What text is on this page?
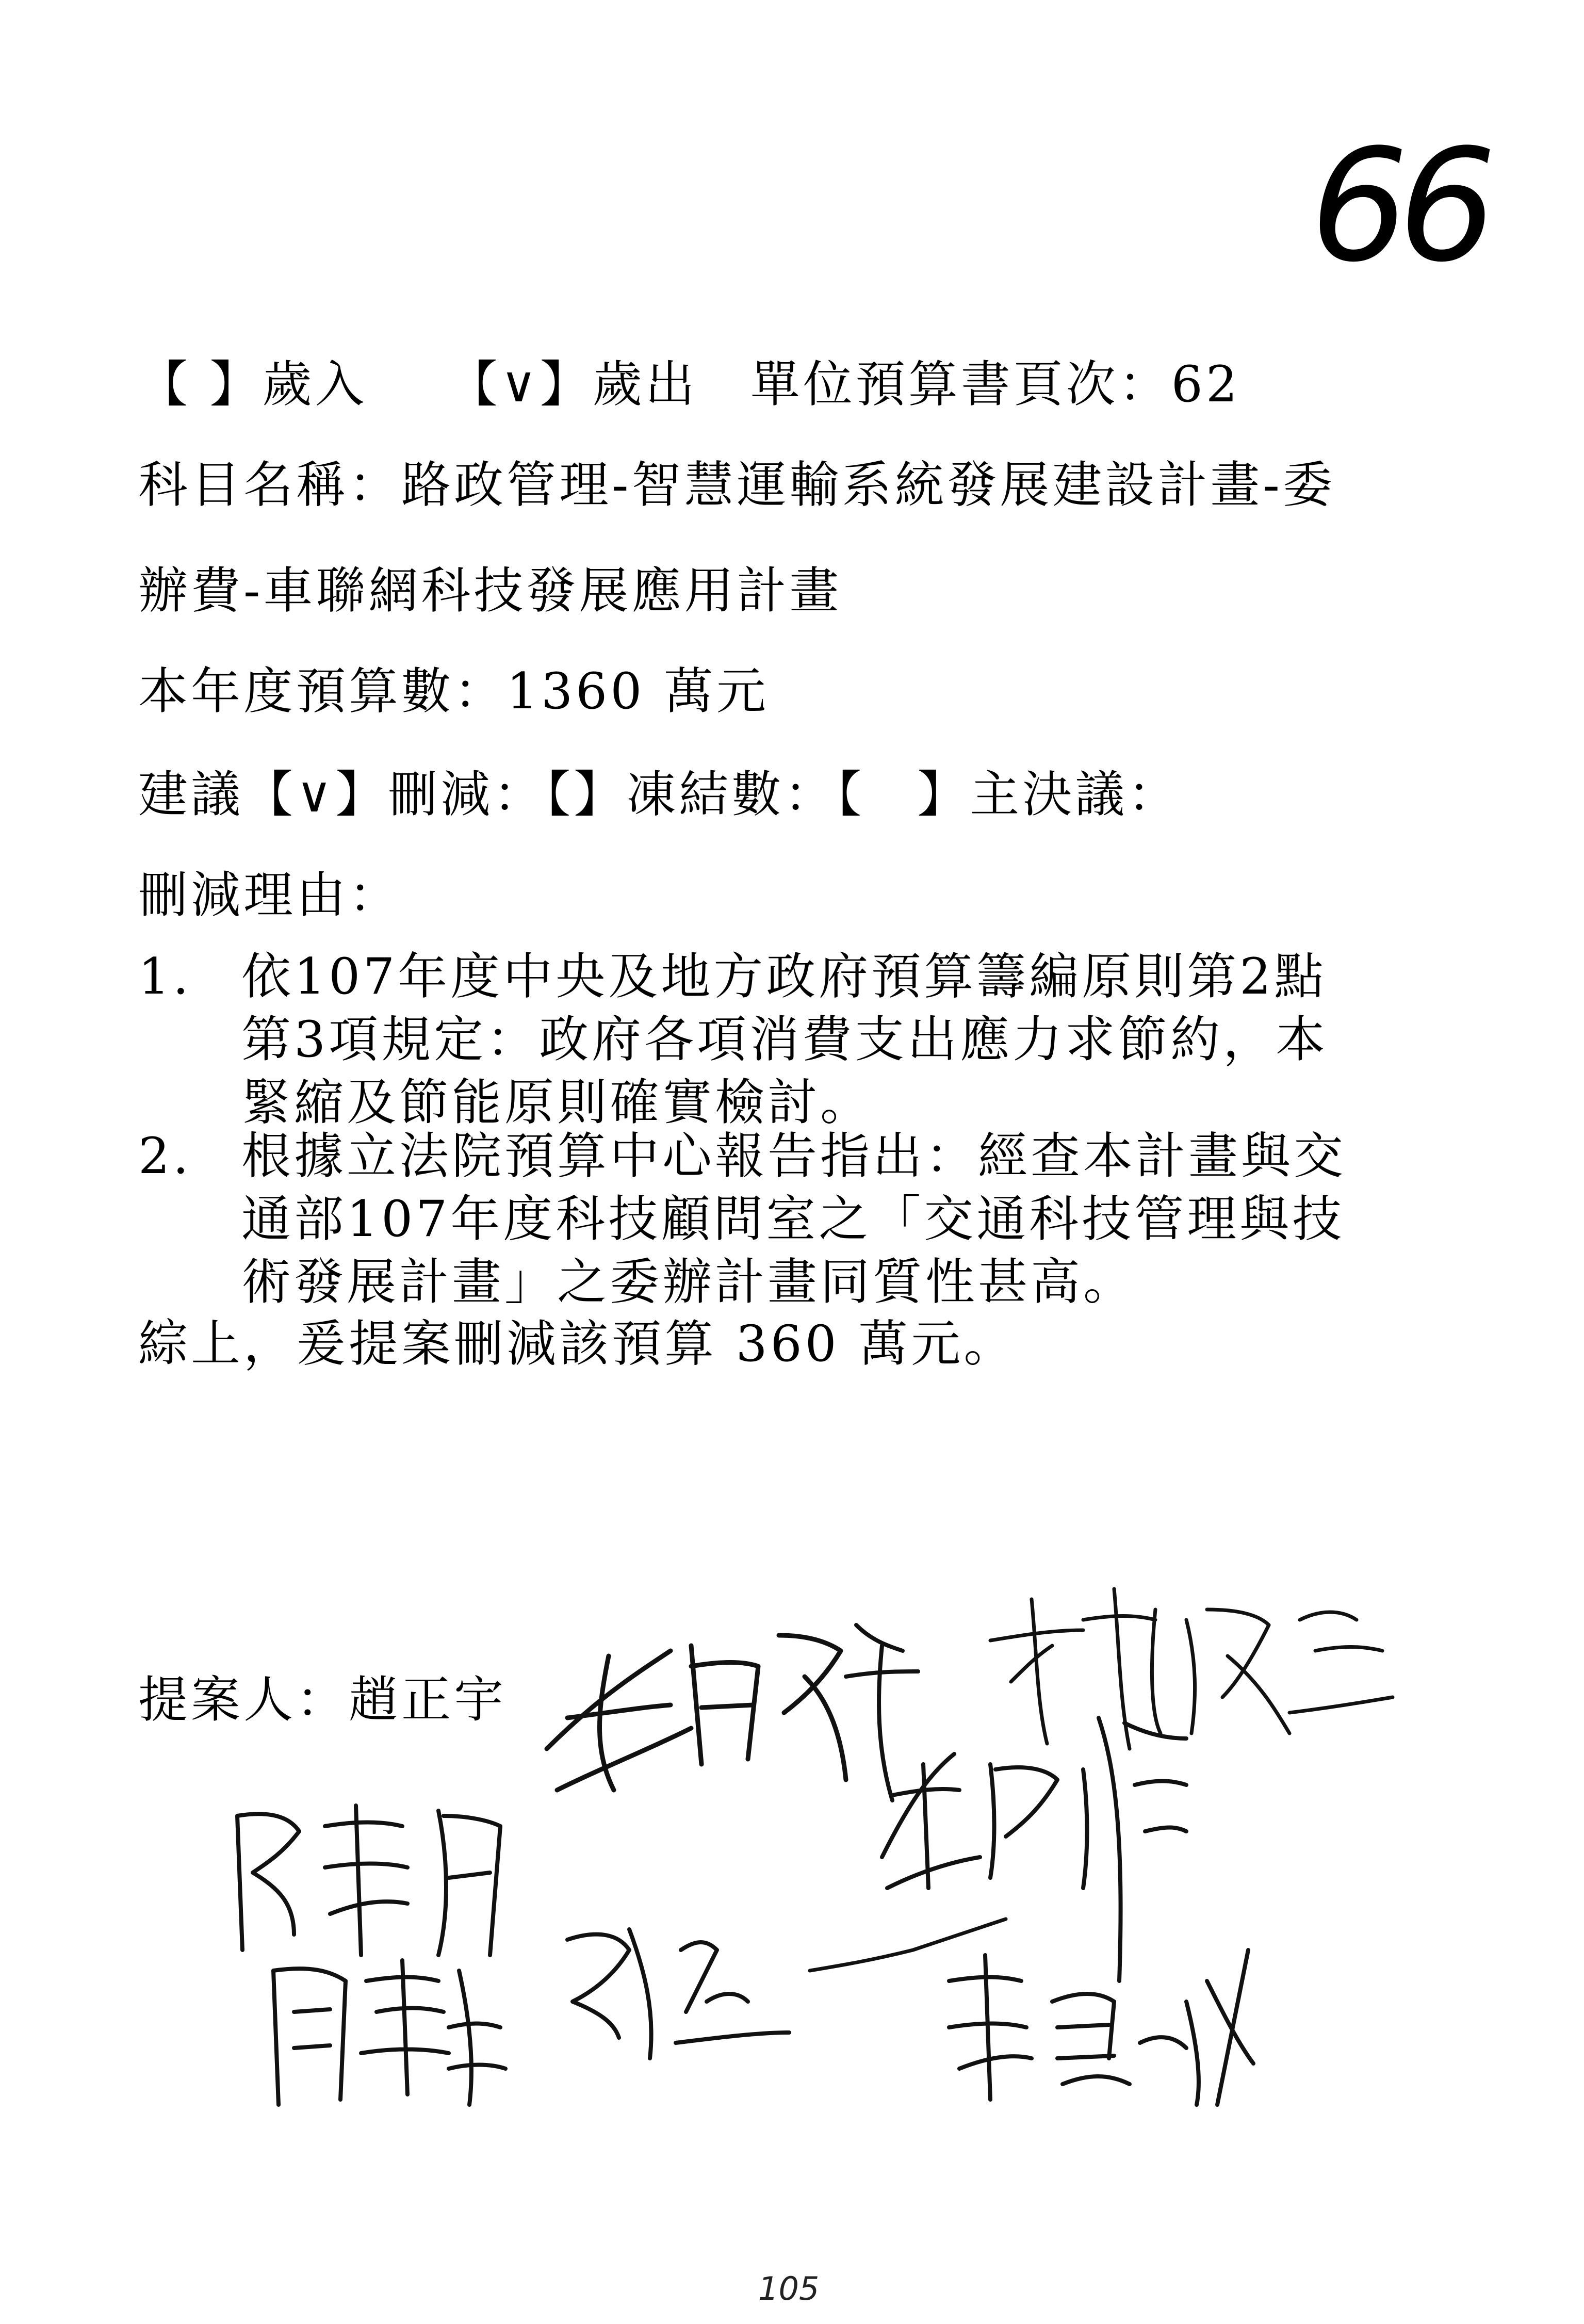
66
【 】歲入　　【∨】歲出　單位預算書頁次：62
科目名稱：路政管理-智慧運輸系統發展建設計畫-委
辦費-車聯網科技發展應用計畫
本年度預算數：1360 萬元
建議【∨】刪減：【】凍結數：【　】主決議：
刪減理由：
1.	依107年度中央及地方政府預算籌編原則第2點第3項規定：政府各項消費支出應力求節約，本緊縮及節能原則確實檢討。
2.	根據立法院預算中心報告指出：經查本計畫與交通部107年度科技顧問室之「交通科技管理與技術發展計畫」之委辦計畫同質性甚高。
綜上，爰提案刪減該預算 360 萬元。
提案人：趙正宇
105
